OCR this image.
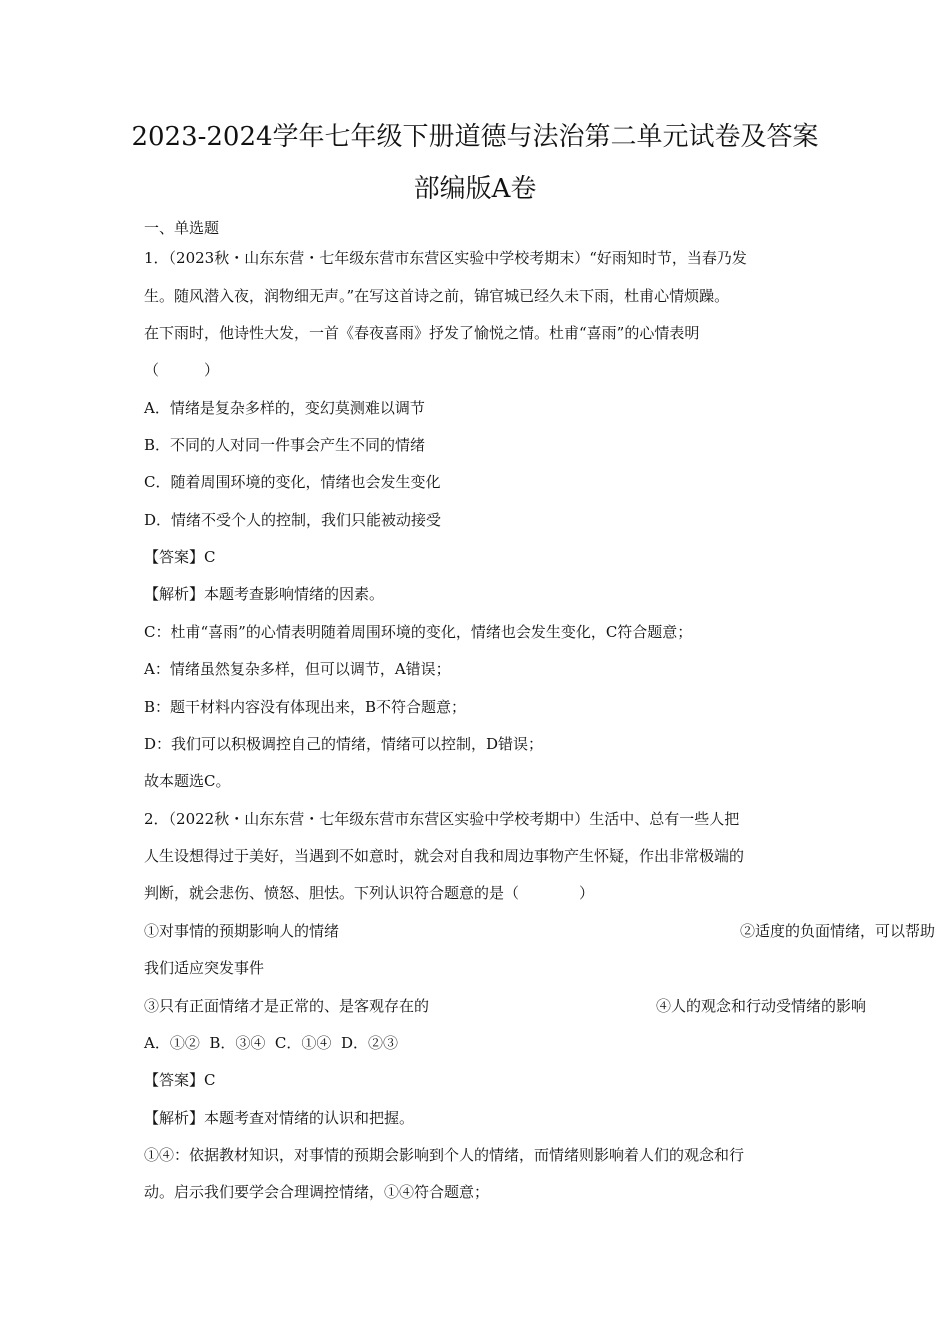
2023-2024学年七年级下册道德与法治第二单元试卷及答案
部编版A卷
一、单选题
1．（2023秋・山东东营・七年级东营市东营区实验中学校考期末）“好雨知时节，当春乃发
生。随风潜入夜，润物细无声。”在写这首诗之前，锦官城已经久未下雨，杜甫心情烦躁。
在下雨时，他诗性大发，一首《春夜喜雨》抒发了愉悦之情。杜甫“喜雨”的心情表明
（　　　）
A．情绪是复杂多样的，变幻莫测难以调节
B．不同的人对同一件事会产生不同的情绪
C．随着周围环境的变化，情绪也会发生变化
D．情绪不受个人的控制，我们只能被动接受
【答案】C
【解析】本题考查影响情绪的因素。
C：杜甫“喜雨”的心情表明随着周围环境的变化，情绪也会发生变化，C符合题意；
A：情绪虽然复杂多样，但可以调节，A错误；
B：题干材料内容没有体现出来，B不符合题意；
D：我们可以积极调控自己的情绪，情绪可以控制，D错误；
故本题选C。
2．（2022秋・山东东营・七年级东营市东营区实验中学校考期中）生活中、总有一些人把
人生设想得过于美好，当遇到不如意时，就会对自我和周边事物产生怀疑，作出非常极端的
判断，就会悲伤、愤怒、胆怯。下列认识符合题意的是（　　　　）
①对事情的预期影响人的情绪	②适度的负面情绪，可以帮助
我们适应突发事件
③只有正面情绪才是正常的、是客观存在的	④人的观念和行动受情绪的影响
A．①②  B．③④  C．①④  D．②③
【答案】C
【解析】本题考查对情绪的认识和把握。
①④：依据教材知识，对事情的预期会影响到个人的情绪，而情绪则影响着人们的观念和行
动。启示我们要学会合理调控情绪，①④符合题意；
